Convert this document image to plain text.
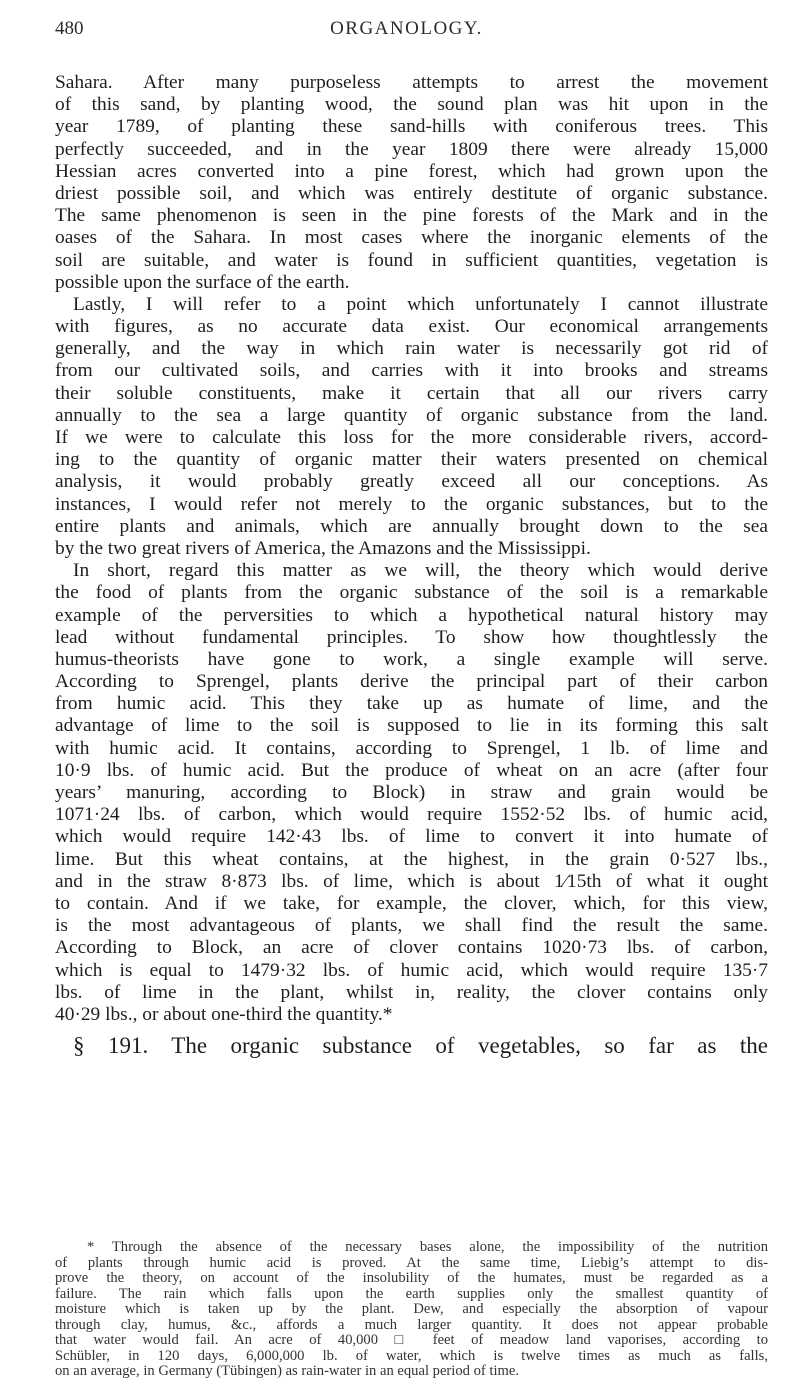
480	ORGANOLOGY.
Sahara. After many purposeless attempts to arrest the movement
of this sand, by planting wood, the sound plan was hit upon in the
year 1789, of planting these sand-hills with coniferous trees. This
perfectly succeeded, and in the year 1809 there were already 15,000
Hessian acres converted into a pine forest, which had grown upon the
driest possible soil, and which was entirely destitute of organic substance.
The same phenomenon is seen in the pine forests of the Mark and in the
oases of the Sahara. In most cases where the inorganic elements of the
soil are suitable, and water is found in sufficient quantities, vegetation is
possible upon the surface of the earth.
Lastly, I will refer to a point which unfortunately I cannot illustrate
with figures, as no accurate data exist. Our economical arrangements
generally, and the way in which rain water is necessarily got rid of
from our cultivated soils, and carries with it into brooks and streams
their soluble constituents, make it certain that all our rivers carry
annually to the sea a large quantity of organic substance from the land.
If we were to calculate this loss for the more considerable rivers, accord-
ing to the quantity of organic matter their waters presented on chemical
analysis, it would probably greatly exceed all our conceptions. As
instances, I would refer not merely to the organic substances, but to the
entire plants and animals, which are annually brought down to the sea
by the two great rivers of America, the Amazons and the Mississippi.
In short, regard this matter as we will, the theory which would derive
the food of plants from the organic substance of the soil is a remarkable
example of the perversities to which a hypothetical natural history may
lead without fundamental principles. To show how thoughtlessly the
humus-theorists have gone to work, a single example will serve.
According to Sprengel, plants derive the principal part of their carbon
from humic acid. This they take up as humate of lime, and the
advantage of lime to the soil is supposed to lie in its forming this salt
with humic acid. It contains, according to Sprengel, 1 lb. of lime and
10·9 lbs. of humic acid. But the produce of wheat on an acre (after four
years’ manuring, according to Block) in straw and grain would be
1071·24 lbs. of carbon, which would require 1552·52 lbs. of humic acid,
which would require 142·43 lbs. of lime to convert it into humate of
lime. But this wheat contains, at the highest, in the grain 0·527 lbs.,
and in the straw 8·873 lbs. of lime, which is about 1⁄15th of what it ought
to contain. And if we take, for example, the clover, which, for this view,
is the most advantageous of plants, we shall find the result the same.
According to Block, an acre of clover contains 1020·73 lbs. of carbon,
which is equal to 1479·32 lbs. of humic acid, which would require 135·7
lbs. of lime in the plant, whilst in, reality, the clover contains only
40·29 lbs., or about one-third the quantity.*
§ 191. The organic substance of vegetables, so far as the
* Through the absence of the necessary bases alone, the impossibility of the nutrition
of plants through humic acid is proved. At the same time, Liebig’s attempt to dis-
prove the theory, on account of the insolubility of the humates, must be regarded as a
failure. The rain which falls upon the earth supplies only the smallest quantity of
moisture which is taken up by the plant. Dew, and especially the absorption of vapour
through clay, humus, &c., affords a much larger quantity. It does not appear probable
that water would fail. An acre of 40,000 □ feet of meadow land vaporises, according to
Schübler, in 120 days, 6,000,000 lb. of water, which is twelve times as much as falls,
on an average, in Germany (Tübingen) as rain-water in an equal period of time.
